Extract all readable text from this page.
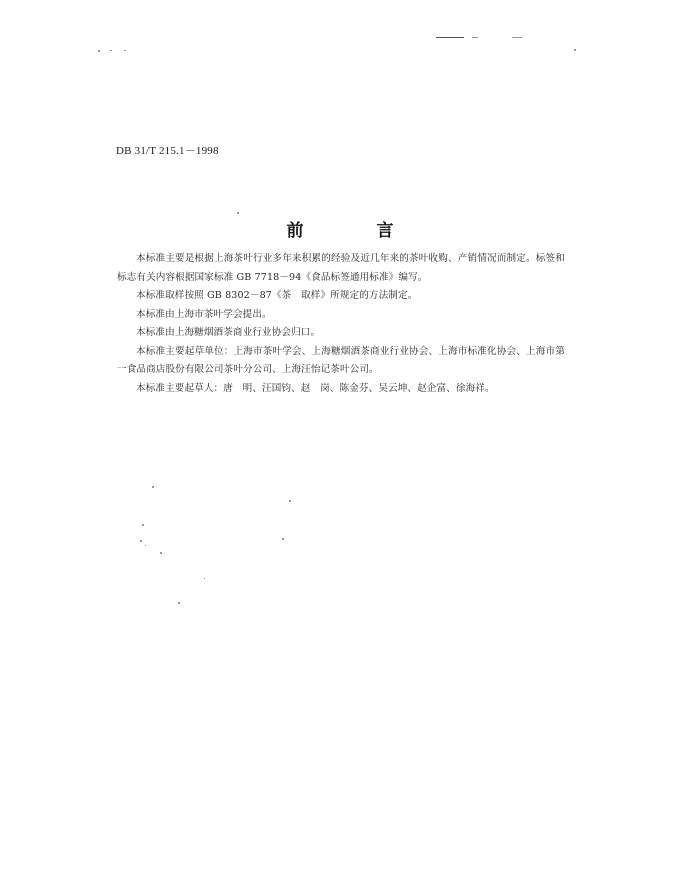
DB 31/T 215.1－1998
前　言

本标准主要是根据上海茶叶行业多年来积累的经验及近几年来的茶叶收购、产销情况而制定。标签和标志有关内容根据国家标准 GB 7718－94《食品标签通用标准》编写。

本标准取样按照 GB 8302－87《茶　取样》所规定的方法制定。

本标准由上海市茶叶学会提出。

本标准由上海糖烟酒茶商业行业协会归口。

本标准主要起草单位：上海市茶叶学会、上海糖烟酒茶商业行业协会、上海市标准化协会、上海市第一食品商店股份有限公司茶叶分公司、上海汪怡记茶叶公司。

本标准主要起草人：唐　明、汪国钧、赵　岗、陈金芬、吴云坤、赵企富、徐海祥。
